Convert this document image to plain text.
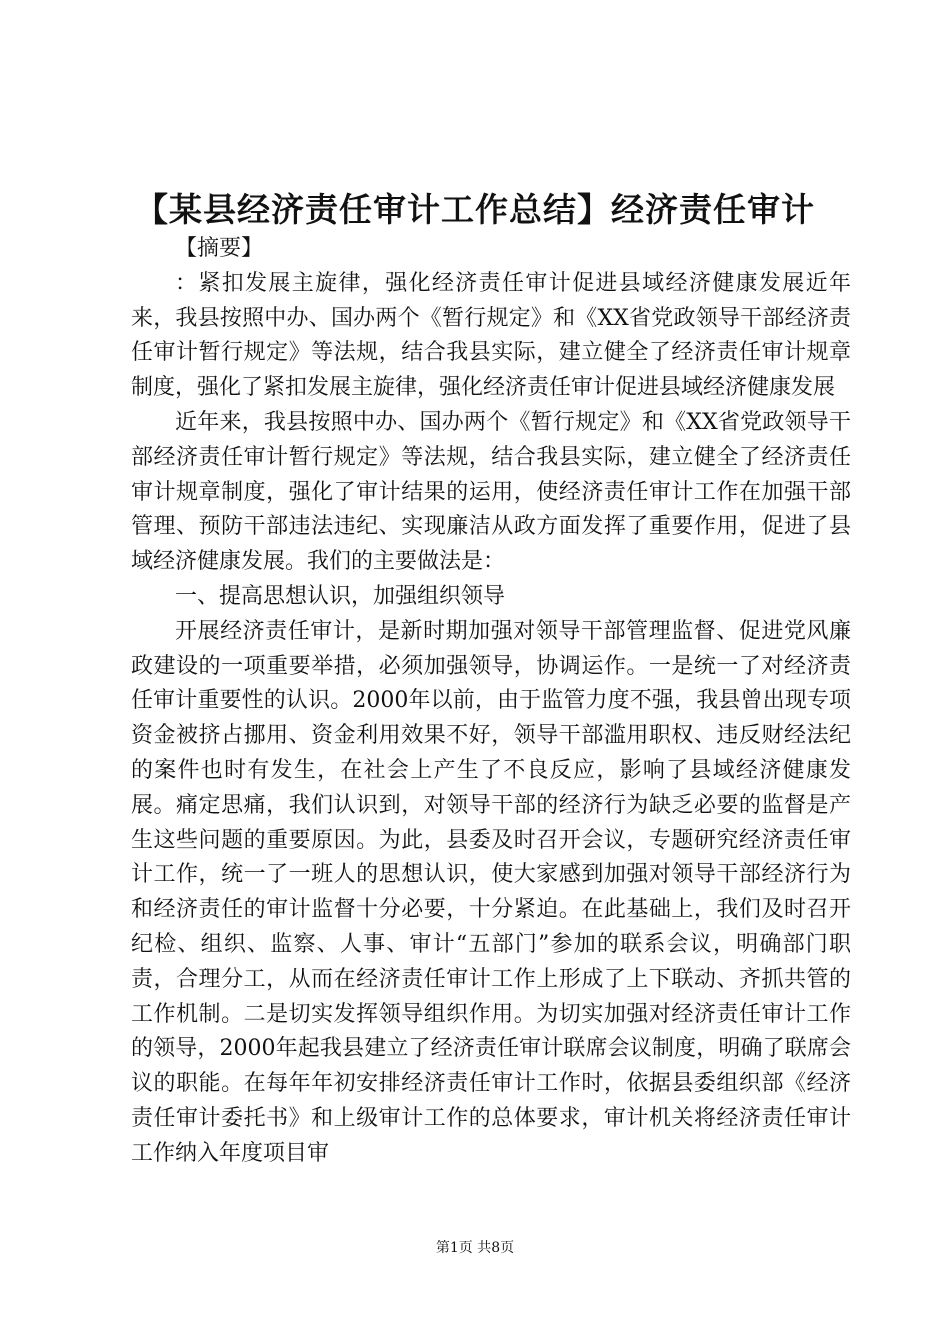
【某县经济责任审计工作总结】经济责任审计

【摘要】

：紧扣发展主旋律，强化经济责任审计促进县域经济健康发展近年来，我县按照中办、国办两个《暂行规定》和《XX省党政领导干部经济责任审计暂行规定》等法规，结合我县实际，建立健全了经济责任审计规章制度，强化了紧扣发展主旋律，强化经济责任审计促进县域经济健康发展

近年来，我县按照中办、国办两个《暂行规定》和《XX省党政领导干部经济责任审计暂行规定》等法规，结合我县实际，建立健全了经济责任审计规章制度，强化了审计结果的运用，使经济责任审计工作在加强干部管理、预防干部违法违纪、实现廉洁从政方面发挥了重要作用，促进了县域经济健康发展。我们的主要做法是：

一、提高思想认识，加强组织领导

开展经济责任审计，是新时期加强对领导干部管理监督、促进党风廉政建设的一项重要举措，必须加强领导，协调运作。一是统一了对经济责任审计重要性的认识。2000年以前，由于监管力度不强，我县曾出现专项资金被挤占挪用、资金利用效果不好，领导干部滥用职权、违反财经法纪的案件也时有发生，在社会上产生了不良反应，影响了县域经济健康发展。痛定思痛，我们认识到，对领导干部的经济行为缺乏必要的监督是产生这些问题的重要原因。为此，县委及时召开会议，专题研究经济责任审计工作，统一了一班人的思想认识，使大家感到加强对领导干部经济行为和经济责任的审计监督十分必要，十分紧迫。在此基础上，我们及时召开纪检、组织、监察、人事、审计“五部门”参加的联系会议，明确部门职责，合理分工，从而在经济责任审计工作上形成了上下联动、齐抓共管的工作机制。二是切实发挥领导组织作用。为切实加强对经济责任审计工作的领导，2000年起我县建立了经济责任审计联席会议制度，明确了联席会议的职能。在每年年初安排经济责任审计工作时，依据县委组织部《经济责任审计委托书》和上级审计工作的总体要求，审计机关将经济责任审计工作纳入年度项目审

第1页 共8页
